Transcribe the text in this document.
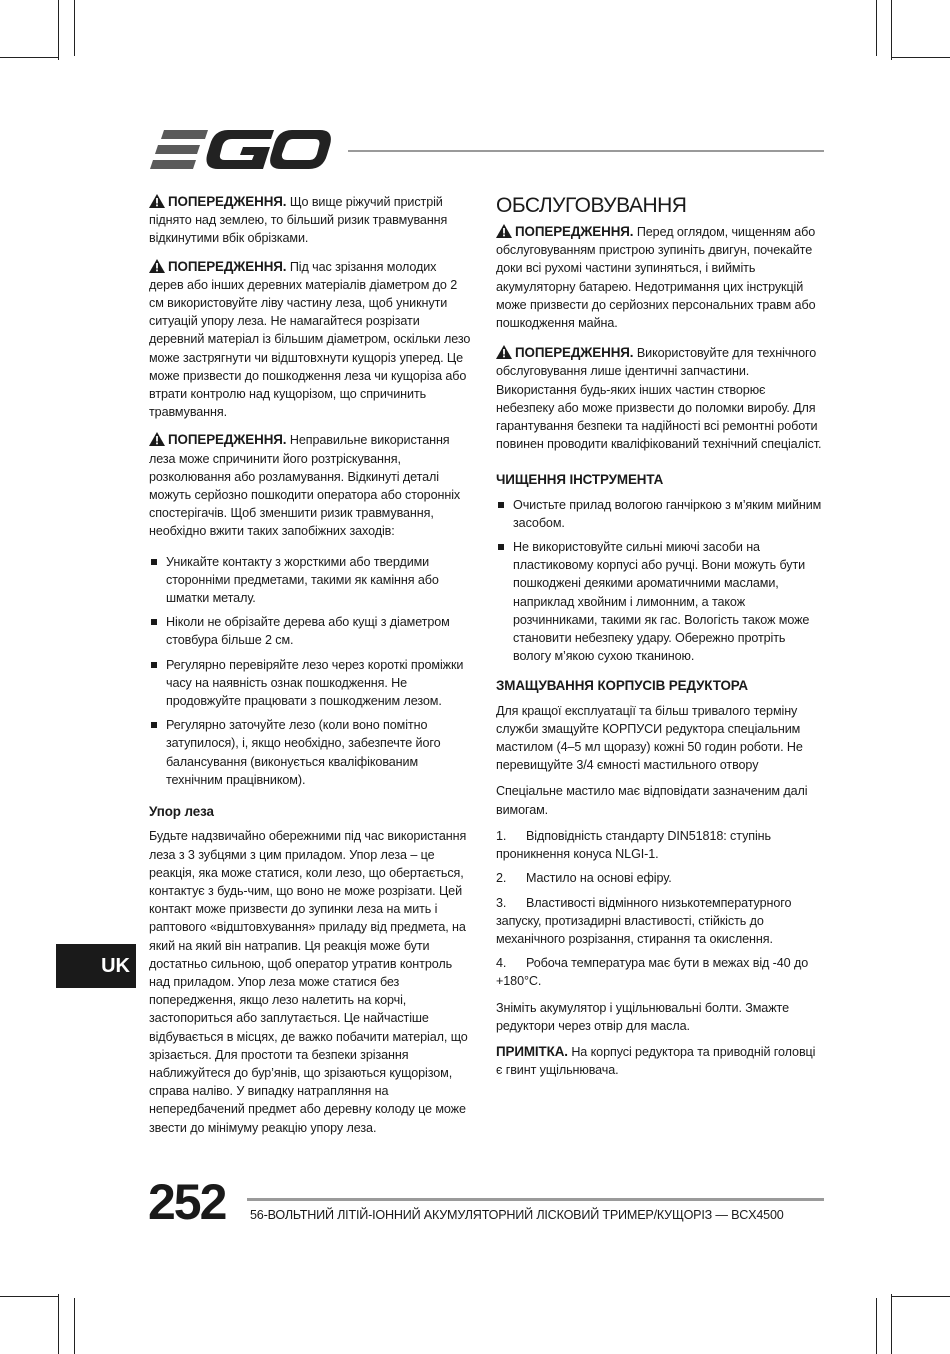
ПОПЕРЕДЖЕННЯ. Що вище ріжучий пристрій піднято над землею, то більший ризик травмування відкинутими вбік обрізками.

ПОПЕРЕДЖЕННЯ. Під час зрізання молодих дерев або інших деревних матеріалів діаметром до 2 см використовуйте ліву частину леза, щоб уникнути ситуацій упору леза. Не намагайтеся розрізати деревний матеріал із більшим діаметром, оскільки лезо може застрягнути чи відштовхнути кущоріз уперед. Це може призвести до пошкодження леза чи кущоріза або втрати контролю над кущорізом, що спричинить травмування.

ПОПЕРЕДЖЕННЯ. Неправильне використання леза може спричинити його розтріскування, розколювання або розламування. Відкинуті деталі можуть серйозно пошкодити оператора або сторонніх спостерігачів. Щоб зменшити ризик травмування, необхідно вжити таких запобіжних заходів:

Уникайте контакту з жорсткими або твердими сторонніми предметами, такими як каміння або шматки металу.
Ніколи не обрізайте дерева або кущі з діаметром стовбура більше 2 см.
Регулярно перевіряйте лезо через короткі проміжки часу на наявність ознак пошкодження. Не продовжуйте працювати з пошкодженим лезом.
Регулярно заточуйте лезо (коли воно помітно затупилося), і, якщо необхідно, забезпечте його балансування (виконується кваліфікованим технічним працівником).
Упор леза

Будьте надзвичайно обережними під час використання леза з 3 зубцями з цим приладом. Упор леза – це реакція, яка може статися, коли лезо, що обертається, контактує з будь-чим, що воно не може розрізати. Цей контакт може призвести до зупинки леза на мить і раптового «відштовхування» приладу від предмета, на який на який він натрапив. Ця реакція може бути достатньо сильною, щоб оператор утратив контроль над приладом. Упор леза може статися без попередження, якщо лезо налетить на корчі, застопориться або заплутається. Це найчастіше відбувається в місцях, де важко побачити матеріал, що зрізається. Для простоти та безпеки зрізання наближуйтеся до бур’янів, що зрізаються кущорізом, справа наліво. У випадку натрапляння на непередбачений предмет або деревну колоду це може звести до мінімуму реакцію упору леза.

ОБСЛУГОВУВАННЯ

ПОПЕРЕДЖЕННЯ. Перед оглядом, чищенням або обслуговуванням пристрою зупиніть двигун, почекайте доки всі рухомі частини зупиняться, і вийміть акумуляторну батарею. Недотримання цих інструкцій може призвести до серйозних персональних травм або пошкодження майна.

ПОПЕРЕДЖЕННЯ. Використовуйте для технічного обслуговування лише ідентичні запчастини. Використання будь-яких інших частин створює небезпеку або може призвести до поломки виробу. Для гарантування безпеки та надійності всі ремонтні роботи повинен проводити кваліфікований технічний спеціаліст.

ЧИЩЕННЯ ІНСТРУМЕНТА
Очистьте прилад вологою ганчіркою з м’яким мийним засобом.
Не використовуйте сильні миючі засоби на пластиковому корпусі або ручці. Вони можуть бути пошкоджені деякими ароматичними маслами, наприклад хвойним і лимонним, а також розчинниками, такими як гас. Вологість також може становити небезпеку удару. Обережно протріть вологу м’якою сухою тканиною.
ЗМАЩУВАННЯ КОРПУСІВ РЕДУКТОРА

Для кращої експлуатації та більш тривалого терміну служби змащуйте КОРПУСИ редуктора спеціальним мастилом (4–5 мл щоразу) кожні 50 годин роботи. Не перевищуйте 3/4 ємності мастильного отвору

Спеціальне мастило має відповідати зазначеним далі вимогам.

1. Відповідність стандарту DIN51818: ступінь проникнення конуса NLGI-1.
2. Мастило на основі ефіру.
3. Властивості відмінного низькотемпературного запуску, протизадирні властивості, стійкість до механічного розрізання, стирання та окислення.
4. Робоча температура має бути в межах від -40 до +180°C.

Зніміть акумулятор і ущільнювальні болти. Змажте редуктори через отвір для масла.

ПРИМІТКА. На корпусі редуктора та приводній головці є гвинт ущільнювача.

UK
252 56-ВОЛЬТНИЙ ЛІТІЙ-ІОННИЙ АКУМУЛЯТОРНИЙ ЛІСКОВИЙ ТРИМЕР/КУЩОРІЗ — BCX4500
